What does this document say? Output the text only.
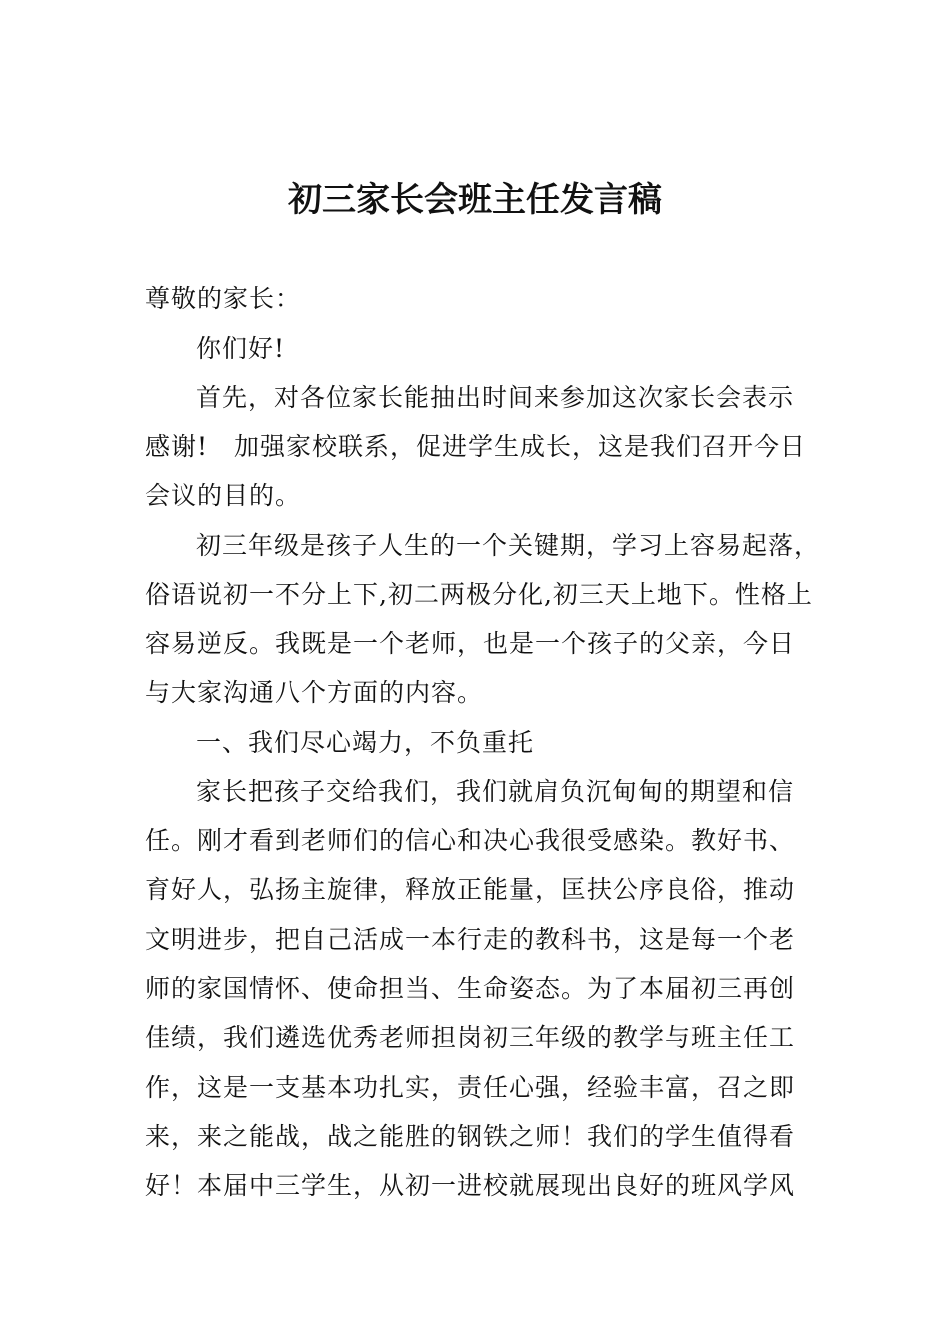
初三家长会班主任发言稿
尊敬的家长：
你们好!
首先，对各位家长能抽出时间来参加这次家长会表示
感谢!　加强家校联系，促进学生成长，这是我们召开今日
会议的目的。
初三年级是孩子人生的一个关键期，学习上容易起落，
俗语说初一不分上下,初二两极分化,初三天上地下。性格上
容易逆反。我既是一个老师，也是一个孩子的父亲，今日
与大家沟通八个方面的内容。
一、我们尽心竭力，不负重托
家长把孩子交给我们，我们就肩负沉甸甸的期望和信
任。刚才看到老师们的信心和决心我很受感染。教好书、
育好人，弘扬主旋律，释放正能量，匡扶公序良俗，推动
文明进步，把自己活成一本行走的教科书，这是每一个老
师的家国情怀、使命担当、生命姿态。为了本届初三再创
佳绩，我们遴选优秀老师担岗初三年级的教学与班主任工
作，这是一支基本功扎实，责任心强，经验丰富，召之即
来，来之能战，战之能胜的钢铁之师！我们的学生值得看
好！本届中三学生，从初一进校就展现出良好的班风学风
